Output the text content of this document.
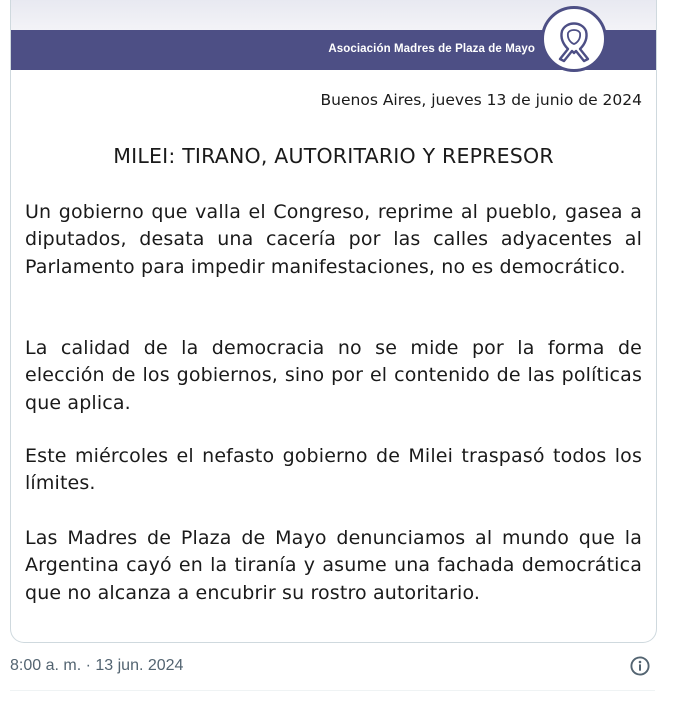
Asociación Madres de Plaza de Mayo
Buenos Aires, jueves 13 de junio de 2024
MILEI: TIRANO, AUTORITARIO Y REPRESOR

Un gobierno que valla el Congreso, reprime al pueblo, gasea a diputados, desata una cacería por las calles adyacentes al Parlamento para impedir manifestaciones, no es democrático.

La calidad de la democracia no se mide por la forma de elección de los gobiernos, sino por el contenido de las políticas que aplica.

Este miércoles el nefasto gobierno de Milei traspasó todos los límites.

Las Madres de Plaza de Mayo denunciamos al mundo que la Argentina cayó en la tiranía y asume una fachada democrática que no alcanza a encubrir su rostro autoritario.

8:00 a. m. · 13 jun. 2024
